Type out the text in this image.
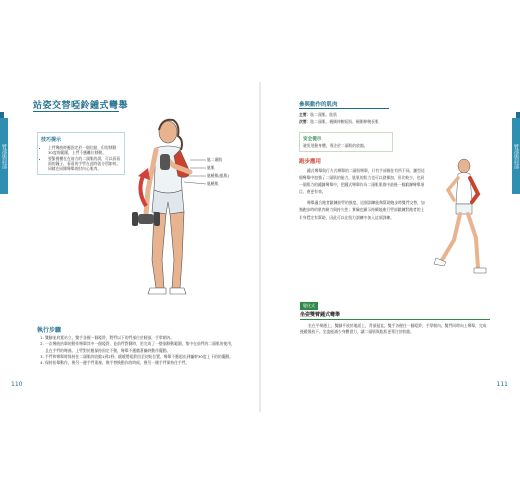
臂部與肩部	臂部與肩部
站姿交替啞鈴鍾式彎舉
技巧提示
• 上臂彎曲時應固定於一個位點，但肘移動30度的範圍，上臂不應離位移動。
• 要緊握橫在在前方的二頭肌的訓，可以看看面的鐘子，看看的手臂在此時就分別如何。同樣在同側彎舉的肘內心肌肉。
肱二頭肌
肱肌
肱橈肌(肱肌)
肱橈肌
執行步驟
1. 雙腳並肩寬站立，雙手各握一個啞鈴，將臂以下的臂部位於腿部，手掌朝內。
2. 一次彎曲抬舉的動作彎舉其中一個啞鈴，並前臂對側時，用完成了一整個移動範圍，集中在前臂的二頭肌的使用，且在手臂的彎曲。上臂對於應保持固定不動，彎舉不應隨著軀幹動作擺動。
3. 手臂和彎舉時保持住二頭肌的收縮1到2秒，緩緩將啞鈴回至初始位置，彎舉不應超出到軀幹30度上下的的擺動。
4. 保持抬舉動作，換另一邊手臂重複，換手替換動作的時候，換另一側手臂保持住手臂。
110
參與動作的肌肉
主要：肱二頭肌、肱肌
次要：肱二頭肌、橈側伸腕短肌、橈側伸腕長肌
安全提示
避免甩動身體，專注於二頭肌的收縮。
跑步應用

鍾式彎舉與行方式彎舉的二頭肌彎舉，只有手部握住有所不同。錘型這個彎舉中加強了二頭肌的能力，肱肌的肌力也可以發揮加，但比較少，也同一個肌力的鍾錘彎舉中，把鍾式彎舉作為二頭肌肌群中最後一個鍛鍊彎舉項目，會更有效。

彎舉適合跑者鍛鍊前臂的強度，這個訓練能夠幫助跑步時雙臂交替，加強跑步時的肌肉耐力與持久性；實驗也顯示持續地進行臂部鍛鍊對跑者的上半身穩定有幫助，因此可以在肌力訓練中加入這項訓練。

變化式
坐姿雙臂鍾式彎舉
坐在平椅邊上，雙腳平放於地面上，背部挺直，雙手各握住一個啞鈴，手掌朝內。雙臂同時向上彎舉，完成後緩慢放下。坐姿能減少身體借力，讓二頭肌與肱肌更專注於收縮。
111
